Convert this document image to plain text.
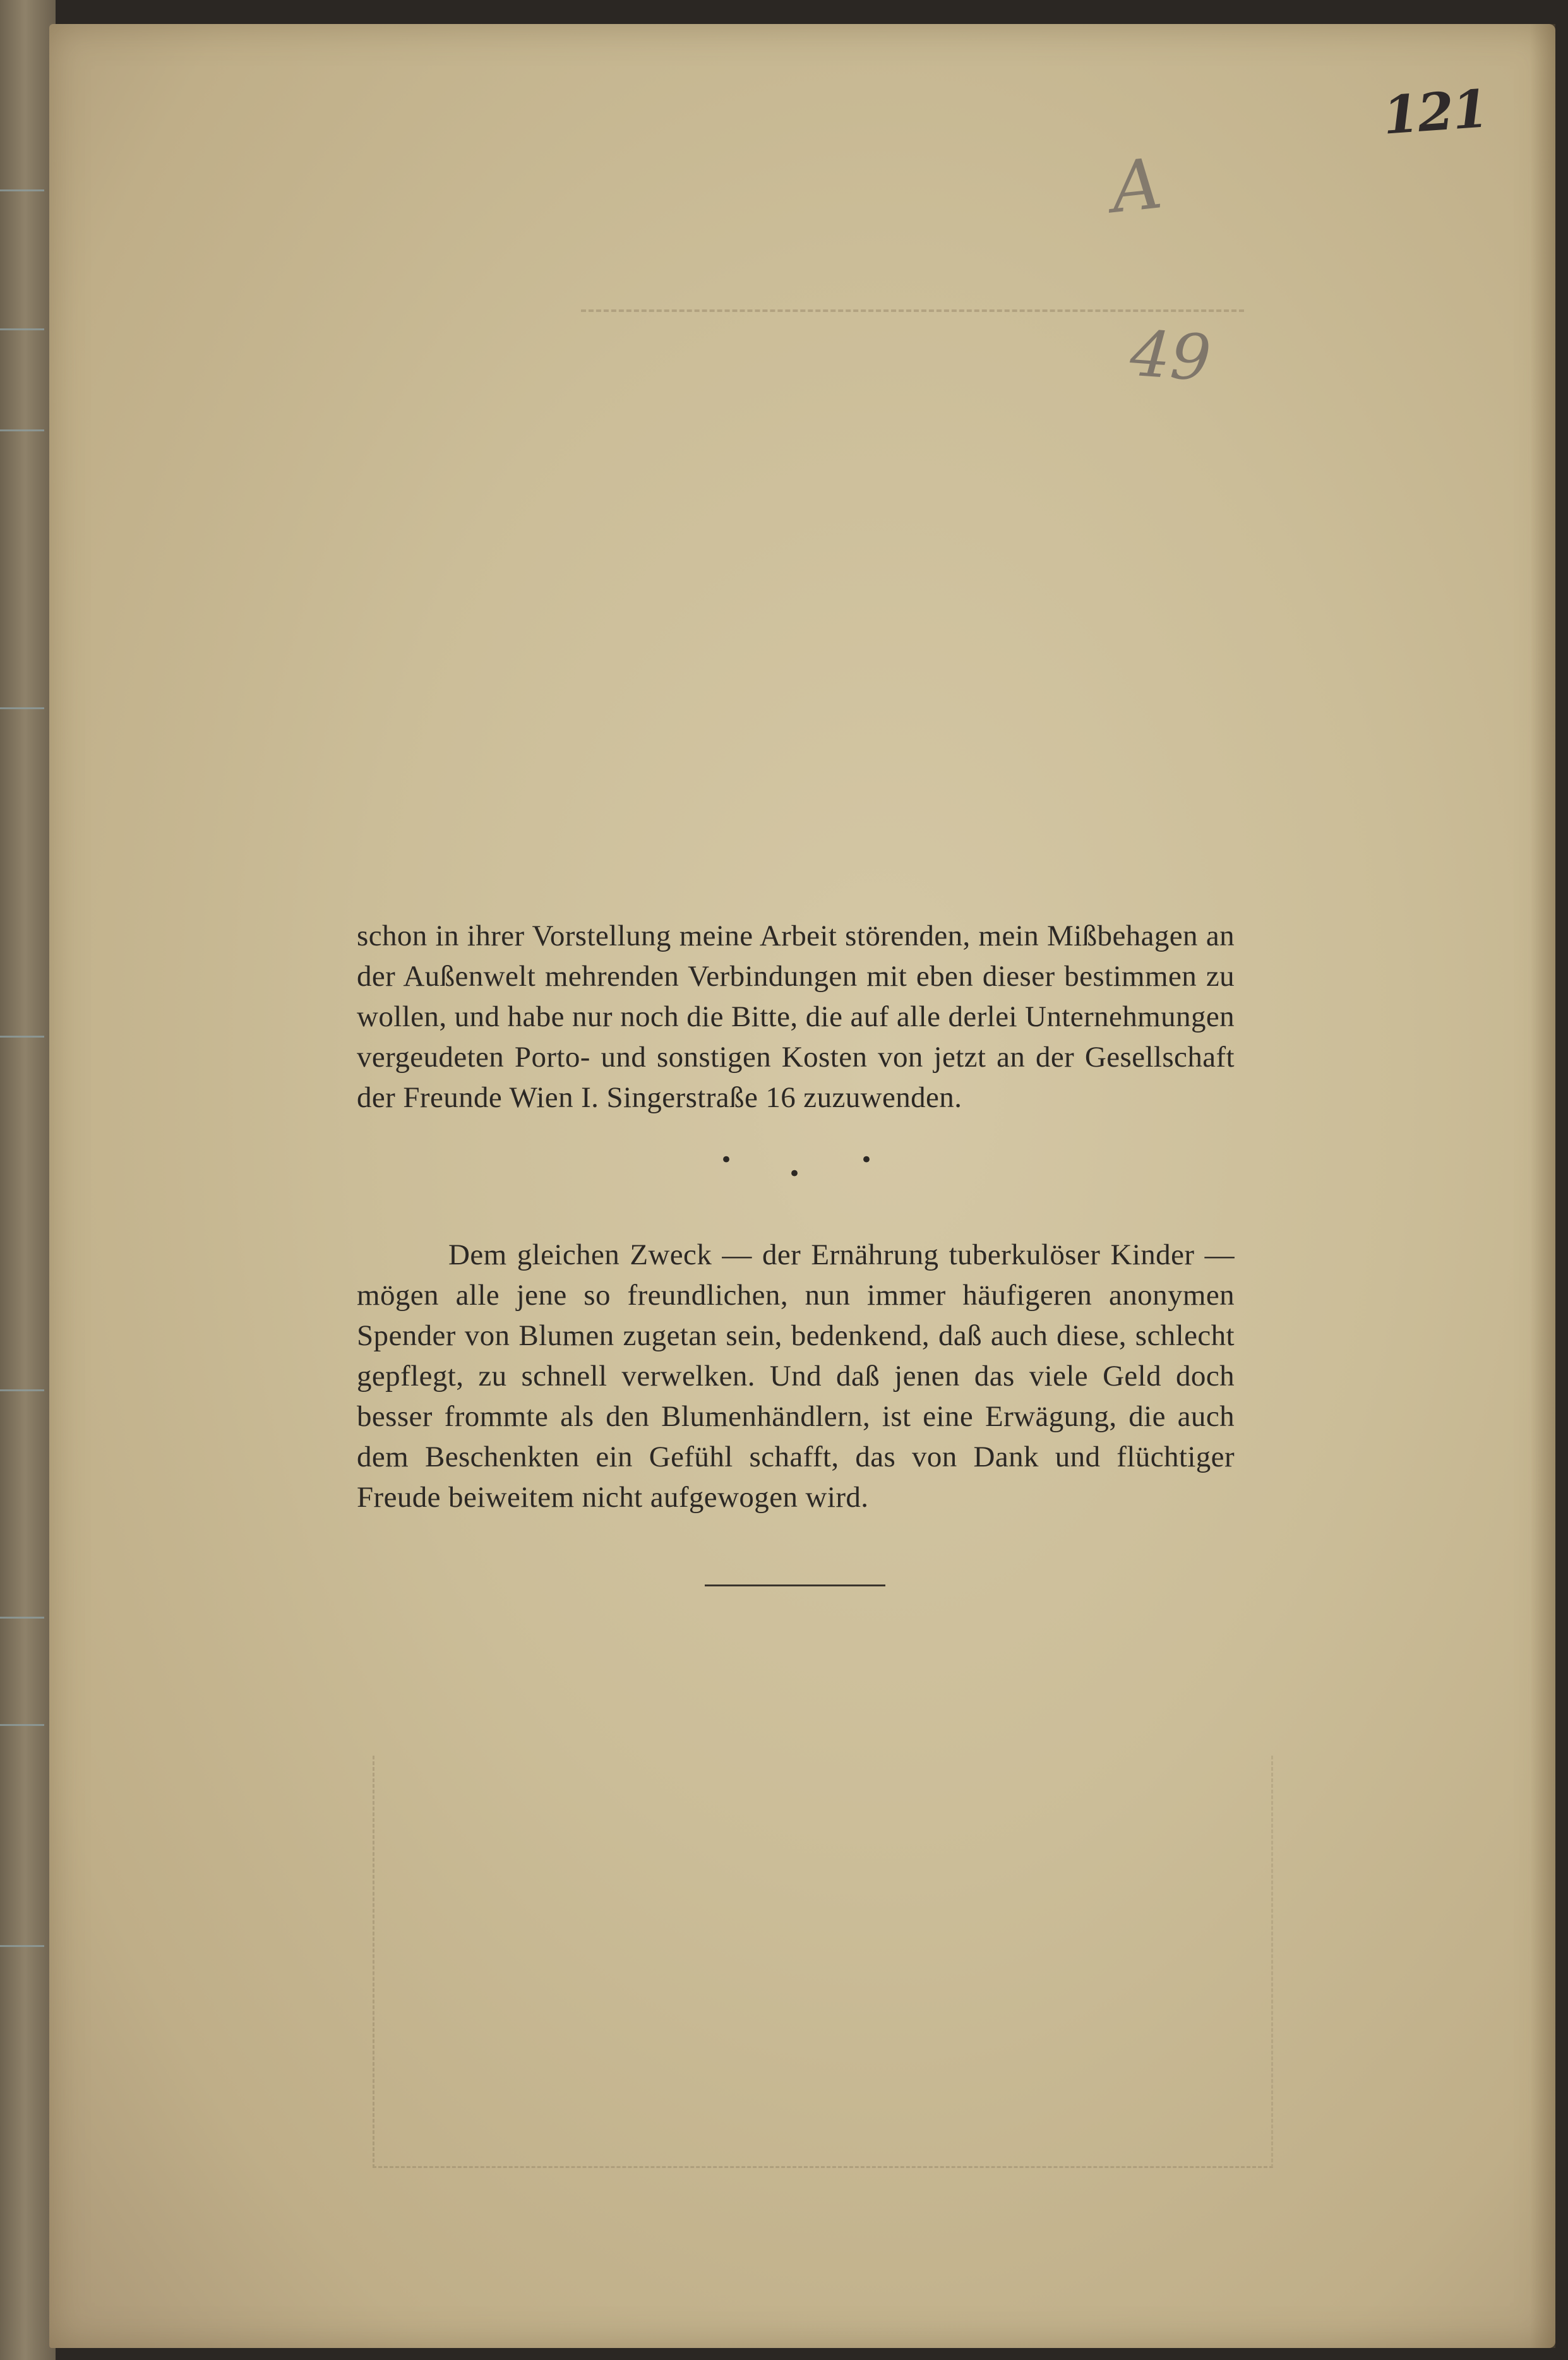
121
A
49
schon in ihrer Vorstellung meine Arbeit störenden, mein Mißbehagen an der Außenwelt mehrenden Verbindungen mit eben dieser bestimmen zu wollen, und habe nur noch die Bitte, die auf alle derlei Unternehmungen vergeudeten Porto- und sonstigen Kosten von jetzt an der Gesellschaft der Freunde Wien I. Singerstraße 16 zuzuwenden.
•
•
•
Dem gleichen Zweck — der Ernährung tuberkulöser Kinder — mögen alle jene so freundlichen, nun immer häufigeren anonymen Spender von Blumen zugetan sein, bedenkend, daß auch diese, schlecht gepflegt, zu schnell verwelken. Und daß jenen das viele Geld doch besser frommte als den Blumenhändlern, ist eine Erwägung, die auch dem Beschenkten ein Gefühl schafft, das von Dank und flüchtiger Freude beiweitem nicht aufgewogen wird.
